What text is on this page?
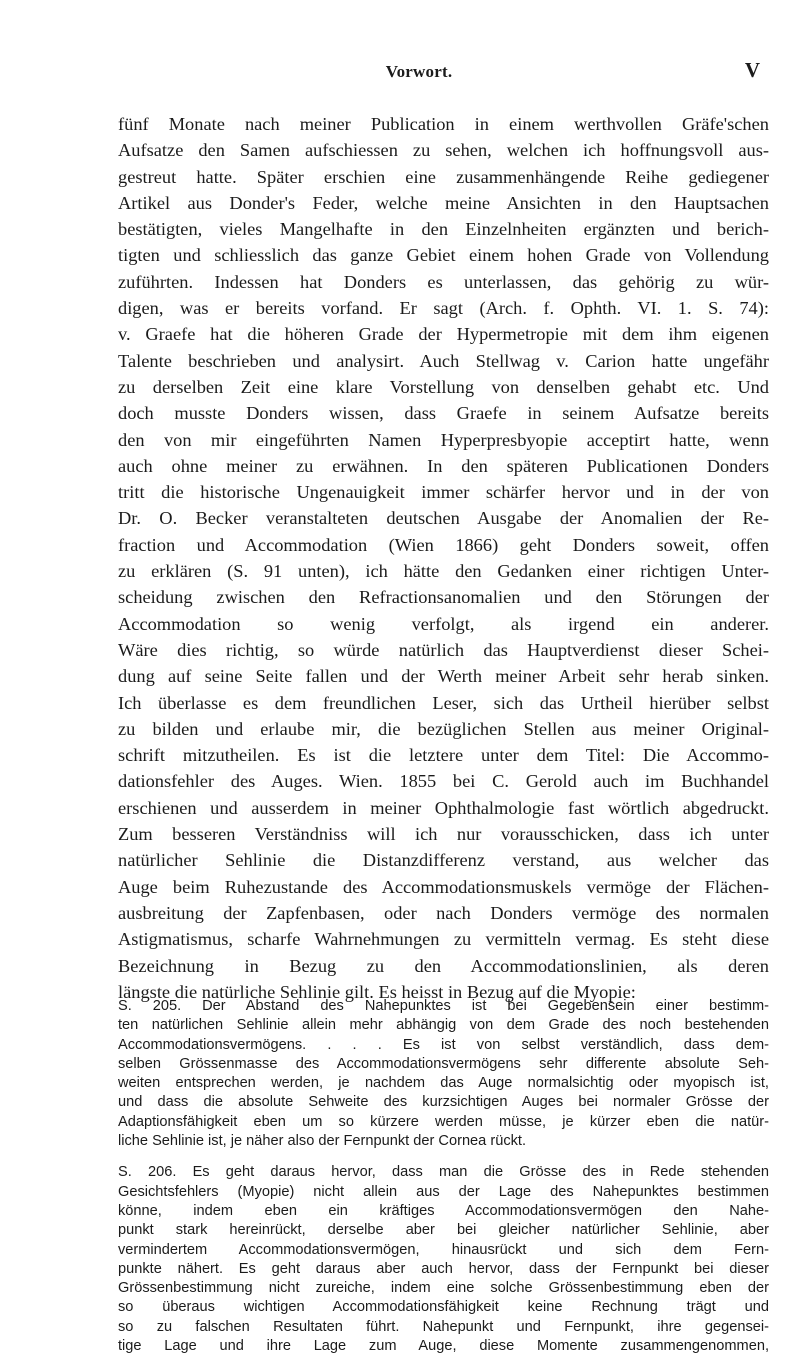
Vorwort.	V
fünf Monate nach meiner Publication in einem werthvollen Gräfe'schen
Aufsatze den Samen aufschiessen zu sehen, welchen ich hoffnungsvoll aus-
gestreut hatte. Später erschien eine zusammenhängende Reihe gediegener
Artikel aus Donder's Feder, welche meine Ansichten in den Hauptsachen
bestätigten, vieles Mangelhafte in den Einzelnheiten ergänzten und berich-
tigten und schliesslich das ganze Gebiet einem hohen Grade von Vollendung
zuführten. Indessen hat Donders es unterlassen, das gehörig zu wür-
digen, was er bereits vorfand. Er sagt (Arch. f. Ophth. VI. 1. S. 74):
v. Graefe hat die höheren Grade der Hypermetropie mit dem ihm eigenen
Talente beschrieben und analysirt. Auch Stellwag v. Carion hatte ungefähr
zu derselben Zeit eine klare Vorstellung von denselben gehabt etc. Und
doch musste Donders wissen, dass Graefe in seinem Aufsatze bereits
den von mir eingeführten Namen Hyperpresbyopie acceptirt hatte, wenn
auch ohne meiner zu erwähnen. In den späteren Publicationen Donders
tritt die historische Ungenauigkeit immer schärfer hervor und in der von
Dr. O. Becker veranstalteten deutschen Ausgabe der Anomalien der Re-
fraction und Accommodation (Wien 1866) geht Donders soweit, offen
zu erklären (S. 91 unten), ich hätte den Gedanken einer richtigen Unter-
scheidung zwischen den Refractionsanomalien und den Störungen der
Accommodation so wenig verfolgt, als irgend ein anderer.
Wäre dies richtig, so würde natürlich das Hauptverdienst dieser Schei-
dung auf seine Seite fallen und der Werth meiner Arbeit sehr herab sinken.
Ich überlasse es dem freundlichen Leser, sich das Urtheil hierüber selbst
zu bilden und erlaube mir, die bezüglichen Stellen aus meiner Original-
schrift mitzutheilen. Es ist die letztere unter dem Titel: Die Accommo-
dationsfehler des Auges. Wien. 1855 bei C. Gerold auch im Buchhandel
erschienen und ausserdem in meiner Ophthalmologie fast wörtlich abgedruckt.
Zum besseren Verständniss will ich nur vorausschicken, dass ich unter
natürlicher Sehlinie die Distanzdifferenz verstand, aus welcher das
Auge beim Ruhezustande des Accommodationsmuskels vermöge der Flächen-
ausbreitung der Zapfenbasen, oder nach Donders vermöge des normalen
Astigmatismus, scharfe Wahrnehmungen zu vermitteln vermag. Es steht diese
Bezeichnung in Bezug zu den Accommodationslinien, als deren
längste die natürliche Sehlinie gilt. Es heisst in Bezug auf die Myopie:
S. 205. Der Abstand des Nahepunktes ist bei Gegebensein einer bestimm-
ten natürlichen Sehlinie allein mehr abhängig von dem Grade des noch bestehenden
Accommodationsvermögens. . . . Es ist von selbst verständlich, dass dem-
selben Grössenmasse des Accommodationsvermögens sehr differente absolute Seh-
weiten entsprechen werden, je nachdem das Auge normalsichtig oder myopisch ist,
und dass die absolute Sehweite des kurzsichtigen Auges bei normaler Grösse der
Adaptionsfähigkeit eben um so kürzere werden müsse, je kürzer eben die natür-
liche Sehlinie ist, je näher also der Fernpunkt der Cornea rückt.
S. 206. Es geht daraus hervor, dass man die Grösse des in Rede stehenden
Gesichtsfehlers (Myopie) nicht allein aus der Lage des Nahepunktes bestimmen
könne, indem eben ein kräftiges Accommodationsvermögen den Nahe-
punkt stark hereinrückt, derselbe aber bei gleicher natürlicher Sehlinie, aber
vermindertem Accommodationsvermögen, hinausrückt und sich dem Fern-
punkte nähert. Es geht daraus aber auch hervor, dass der Fernpunkt bei dieser
Grössenbestimmung nicht zureiche, indem eine solche Grössenbestimmung eben der
so überaus wichtigen Accommodationsfähigkeit keine Rechnung trägt und
so zu falschen Resultaten führt. Nahepunkt und Fernpunkt, ihre gegensei-
tige Lage und ihre Lage zum Auge, diese Momente zusammengenommen,
